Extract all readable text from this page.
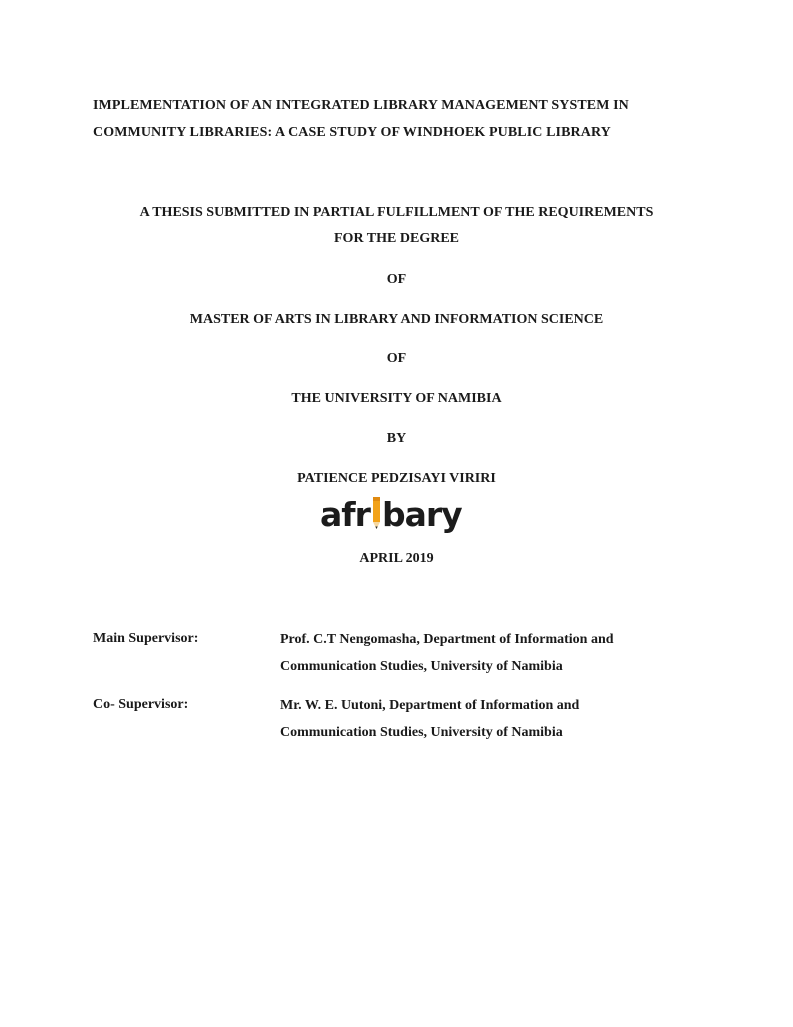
IMPLEMENTATION OF AN INTEGRATED LIBRARY MANAGEMENT SYSTEM IN
COMMUNITY LIBRARIES: A CASE STUDY OF WINDHOEK PUBLIC LIBRARY
A THESIS SUBMITTED IN PARTIAL FULFILLMENT OF THE REQUIREMENTS
FOR THE DEGREE
OF
MASTER OF ARTS IN LIBRARY AND INFORMATION SCIENCE
OF
THE UNIVERSITY OF NAMIBIA
BY
PATIENCE PEDZISAYI VIRIRI
afr bary
APRIL 2019
Main Supervisor:	Prof. C.T Nengomasha, Department of Information and
Communication Studies, University of Namibia
Co- Supervisor:	Mr. W. E. Uutoni, Department of Information and
Communication Studies, University of Namibia
